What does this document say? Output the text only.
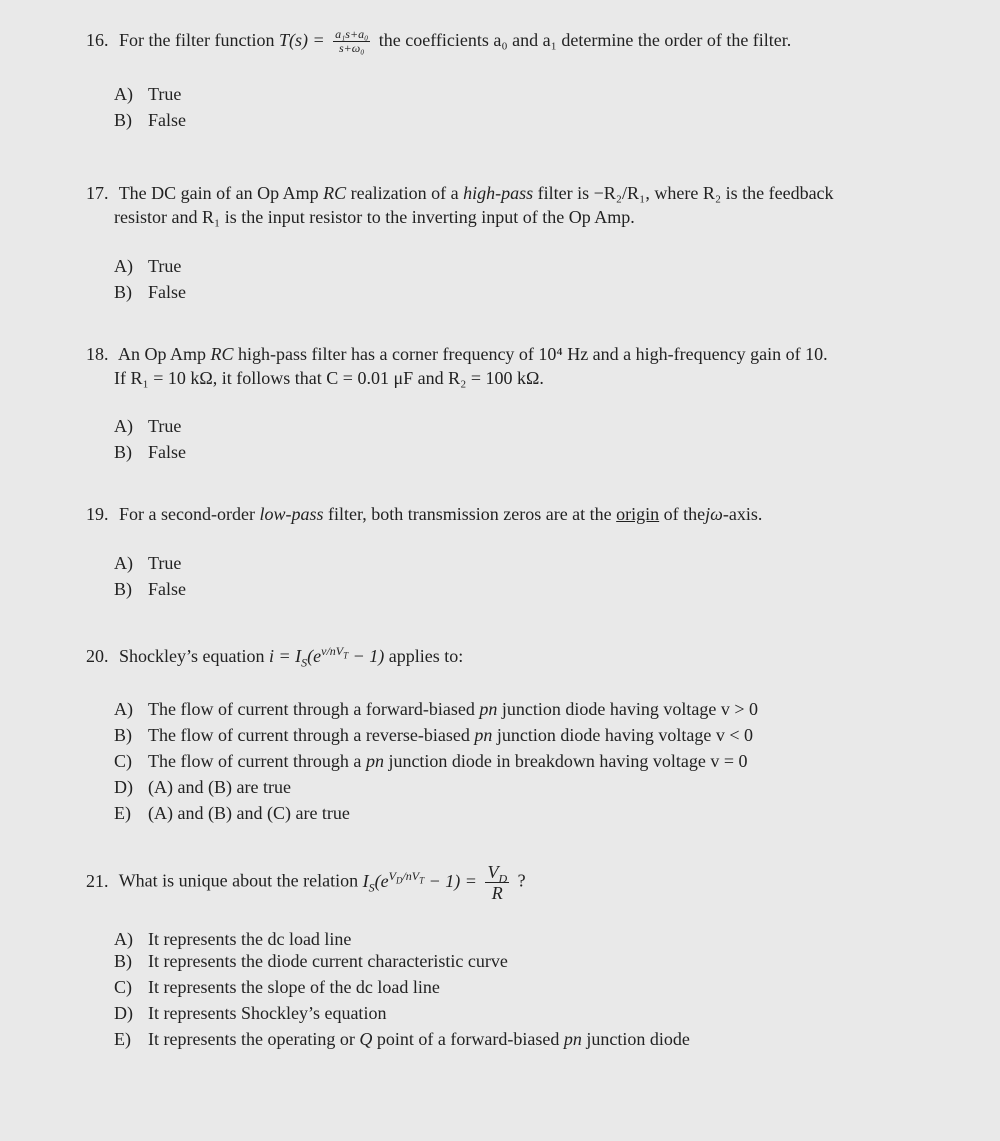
16. For the filter function $T(s) = \frac{\text{a₁s+a₀}}{\text{s+ω₀}}$ the coefficients a₀ and a₁ determine the order of the filter.
A) True
B) False
17. The DC gain of an Op Amp RC realization of a high-pass filter is −R₂/R₁, where R₂ is the feedback
resistor and R₁ is the input resistor to the inverting input of the Op Amp.
A) True
B) False
18. An Op Amp RC high-pass filter has a corner frequency of 10⁴ Hz and a high-frequency gain of 10.
If R₁ = 10 kΩ, it follows that C = 0.01 μF and R₂ = 100 kΩ.
A) True
B) False
19. For a second-order low-pass filter, both transmission zeros are at the origin of thejω-axis.
A) True
B) False
20. Shockley’s equation $i = I_S(e^{v/nV_T} - 1)$ applies to:
A) The flow of current through a forward-biased pn junction diode having voltage v > 0
B) The flow of current through a reverse-biased pn junction diode having voltage v < 0
C) The flow of current through a pn junction diode in breakdown having voltage v = 0
D) (A) and (B) are true
E) (A) and (B) and (C) are true
21. What is unique about the relation $I_S(e^{V_D/nV_T} - 1) = \frac{V_D}{R}$ ?
A) It represents the dc load line
B) It represents the diode current characteristic curve
C) It represents the slope of the dc load line
D) It represents Shockley’s equation
E) It represents the operating or Q point of a forward-biased pn junction diode
